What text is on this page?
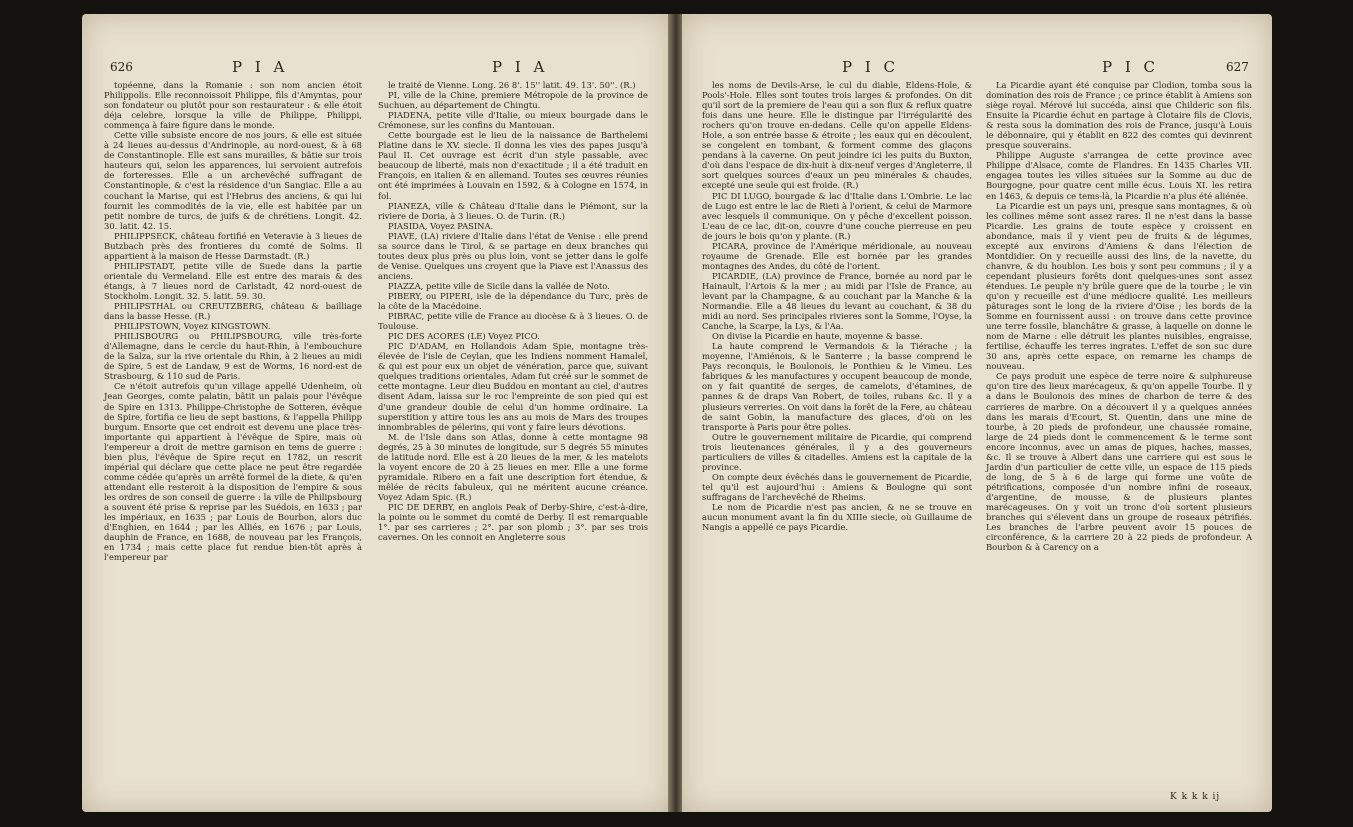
626	P I A	P I A

topéenne, dans la Romanie : son nom ancien étoit Philippolis. Elle reconnoissoit Philippe, fils d'Amyntas, pour son fondateur ou plutôt pour son restaurateur : & elle étoit déja celebre, lorsque la ville de Philippe, Philippi, commença à faire figure dans le monde.

Cette ville subsiste encore de nos jours, & elle est située à 24 lieues au-dessus d'Andrinople, au nord-ouest, & à 68 de Constantinople. Elle est sans murailles, & bâtie sur trois hauteurs qui, selon les apparences, lui servoient autrefois de forteresses. Elle a un archevêché suffragant de Constantinople, & c'est la résidence d'un Sangiac. Elle a au couchant la Marise, qui est l'Hebrus des anciens, & qui lui fournit les commodités de la vie, elle est habitée par un petit nombre de turcs, de juifs & de chrétiens. Longit. 42. 30. latit. 42. 15.

PHILIPPSECK, château fortifié en Veteravie à 3 lieues de Butzbach près des frontieres du comté de Solms. Il appartient à la maison de Hesse Darmstadt. (R.)

PHILIPSTADT, petite ville de Suede dans la partie orientale du Vermeland. Elle est entre des marais & des étangs, à 7 lieues nord de Carlstadt, 42 nord-ouest de Stockholm. Longit. 32. 5. latit. 59. 30.

PHILIPSTHAL ou CREUTZBERG, château & bailliage dans la basse Hesse. (R.)

PHILIPSTOWN, Voyez KINGSTOWN.

PHILISBOURG ou PHILIPSBOURG, ville très-forte d'Allemagne, dans le cercle du haut-Rhin, à l'embouchure de la Salza, sur la rive orientale du Rhin, à 2 lieues au midi de Spire, 5 est de Landaw, 9 est de Worms, 16 nord-est de Strasbourg, & 110 sud de Paris.

Ce n'étoit autrefois qu'un village appellé Udenheim, où Jean Georges, comte palatin, bâtit un palais pour l'évêque de Spire en 1313. Philippe-Christophe de Sotteren, évêque de Spire, fortifia ce lieu de sept bastions, & l'appella Philipp burgum. Ensorte que cet endroit est devenu une place très-importante qui appartient à l'évêque de Spire, mais où l'empereur a droit de mettre garnison en tems de guerre : bien plus, l'évêque de Spire reçut en 1782, un rescrit impérial qui déclare que cette place ne peut être regardée comme cédée qu'après un arrêté formel de la diete, & qu'en attendant elle resteroit à la disposition de l'empire & sous les ordres de son conseil de guerre : la ville de Philipsbourg a souvent été prise & reprise par les Suédois, en 1633 ; par les impériaux, en 1635 ; par Louis de Bourbon, alors duc d'Enghien, en 1644 ; par les Alliés, en 1676 ; par Louis, dauphin de France, en 1688, de nouveau par les François, en 1734 ; mais cette place fut rendue bien-tôt après à l'empereur par

le traité de Vienne. Long. 26 8'. 15'' latit. 49. 13'. 50''. (R.)

PI, ville de la Chine, premiere Métropole de la province de Suchuen, au département de Chingtu.

PIADENA, petite ville d'Italie, ou mieux bourgade dans le Crémonese, sur les confins du Mantouan.

Cette bourgade est le lieu de la naissance de Barthelemi Platine dans le XV. siecle. Il donna les vies des papes jusqu'à Paul II. Cet ouvrage est écrit d'un style passable, avec beaucoup de liberté, mais non d'exactitude ; il a été traduit en François, en italien & en allemand. Toutes ses œuvres réunies ont été imprimées à Louvain en 1592, & à Cologne en 1574, in fol.

PIANEZA, ville & Château d'Italie dans le Piémont, sur la riviere de Doria, à 3 lieues. O. de Turin. (R.)

PIASIDA, Voyez PASINA.

PIAVE, (LA) riviere d'Italie dans l'état de Venise : elle prend sa source dans le Tirol, & se partage en deux branches qui toutes deux plus près ou plus loin, vont se jetter dans le golfe de Venise. Quelques uns croyent que la Piave est l'Anassus des anciens.

PIAZZA, petite ville de Sicile dans la vallée de Noto.

PIBERY, ou PIPERI, isle de la dépendance du Turc, près de la côte de la Macédoine.

PIBRAC, petite ville de France au diocèse & à 3 lieues. O. de Toulouse.

PIC DES ACORES (LE) Voyez PICO.

PIC D'ADAM, en Hollandois Adam Spie, montagne très-élevée de l'isle de Ceylan, que les Indiens nomment Hamalel, & qui est pour eux un objet de vénération, parce que, suivant quelques traditions orientales, Adam fut créé sur le sommet de cette montagne. Leur dieu Buddou en montant au ciel, d'autres disent Adam, laissa sur le roc l'empreinte de son pied qui est d'une grandeur double de celui d'un homme ordinaire. La superstition y attire tous les ans au mois de Mars des troupes innombrables de pélerins, qui vont y faire leurs dévotions.

M. de l'Isle dans son Atlas, donne à cette montagne 98 degrés, 25 à 30 minutes de longitude, sur 5 degrés 55 minutes de latitude nord. Elle est à 20 lieues de la mer, & les matelots la voyent encore de 20 à 25 lieues en mer. Elle a une forme pyramidale. Ribero en a fait une description fort étendue, & mêlée de récits fabuleux, qui ne méritent aucune créance. Voyez Adam Spic. (R.)

PIC DE DERBY, en anglois Peak of Derby-Shire, c'est-à-dire, la pointe ou le sommet du comté de Derby. Il est remarquable 1°. par ses carrieres ; 2°. par son plomb ; 3°. par ses trois cavernes. On les connoit en Angleterre sous

P I C	P I C	627

les noms de Devils-Arse, le cul du diable, Eldens-Hole, & Pools'-Hole. Elles sont toutes trois larges & profondes. On dit qu'il sort de la premiere de l'eau qui a son flux & reflux quatre fois dans une heure. Elle le distingue par l'irrégularité des rochers qu'on trouve en-dedans. Celle qu'on appelle Eldens-Hole, a son entrée basse & étroite ; les eaux qui en découlent, se congelent en tombant, & forment comme des glaçons pendans à la caverne. On peut joindre ici les puits du Buxton, d'où dans l'espace de dix-huit à dix-neuf verges d'Angleterre, il sort quelques sources d'eaux un peu minérales & chaudes, excepté une seule qui est froide. (R.)

PIC DI LUGO, bourgade & lac d'Italie dans L'Ombrie. Le lac de Lugo est entre le lac de Rieti à l'orient, & celui de Marmore avec lesquels il communique. On y pêche d'excellent poisson. L'eau de ce lac, dit-on, couvre d'une couche pierreuse en peu de jours le bois qu'on y plante. (R.)

PICARA, province de l'Amérique méridionale, au nouveau royaume de Grenade. Elle est bornée par les grandes montagnes des Andes, du côté de l'orient.

PICARDIE, (LA) province de France, bornée au nord par le Hainault, l'Artois & la mer ; au midi par l'Isle de France, au levant par la Champagne, & au couchant par la Manche & la Normandie. Elle a 48 lieues du levant au couchant, & 38 du midi au nord. Ses principales rivieres sont la Somme, l'Oyse, la Canche, la Scarpe, la Lys, & l'Aa.

On divise la Picardie en haute, moyenne & basse.

La haute comprend le Vermandois & la Tiérache ; la moyenne, l'Amiénois, & le Santerre ; la basse comprend le Pays reconquis, le Boulonois, le Ponthieu & le Vimeu. Les fabriques & les manufactures y occupent beaucoup de monde, on y fait quantité de serges, de camelots, d'étamines, de pannes & de draps Van Robert, de toiles, rubans &c. Il y a plusieurs verreries. On voit dans la forêt de la Fere, au château de saint Gobin, la manufacture des glaces, d'où on les transporte à Paris pour être polies.

Outre le gouvernement militaire de Picardie, qui comprend trois lieutenances générales, il y a des gouverneurs particuliers de villes & citadelles. Amiens est la capitale de la province.

On compte deux évêchés dans le gouvernement de Picardie, tel qu'il est aujourd'hui : Amiens & Boulogne qui sont suffragans de l'archevêché de Rheims.

Le nom de Picardie n'est pas ancien, & ne se trouve en aucun monument avant la fin du XIIIe siecle, où Guillaume de Nangis a appellé ce pays Picardie.

La Picardie ayant été conquise par Clodion, tomba sous la domination des rois de France ; ce prince établit à Amiens son siège royal. Mérové lui succéda, ainsi que Childeric son fils. Ensuite la Picardie échut en partage à Clotaire fils de Clovis, & resta sous la domination des rois de France, jusqu'à Louis le débonnaire, qui y établit en 822 des comtes qui devinrent presque souverains.

Philippe Auguste s'arrangea de cette province avec Philippe d'Alsace, comte de Flandres. En 1435 Charles VII. engagea toutes les villes situées sur la Somme au duc de Bourgogne, pour quatre cent mille écus. Louis XI. les retira en 1463, & depuis ce tems-là, la Picardie n'a plus été aliénée.

La Picardie est un pays uni, presque sans montagnes, & où les collines même sont assez rares. Il ne n'est dans la basse Picardie. Les grains de toute espèce y croissent en abondance, mais il y vient peu de fruits & de légumes, excepté aux environs d'Amiens & dans l'élection de Montdidier. On y recueille aussi des lins, de la navette, du chanvre, & du houblon. Les bois y sont peu communs ; il y a cependant plusieurs forêts dont quelques-unes sont assez étendues. Le peuple n'y brûle guere que de la tourbe ; le vin qu'on y recueille est d'une médiocre qualité. Les meilleurs pâturages sont le long de la riviere d'Oise ; les bords de la Somme en fournissent aussi : on trouve dans cette province une terre fossile, blanchâtre & grasse, à laquelle on donne le nom de Marne : elle détruit les plantes nuisibles, engraisse, fertilise, échauffe les terres ingrates. L'effet de son suc dure 30 ans, après cette espace, on remarne les champs de nouveau.

Ce pays produit une espèce de terre noire & sulphureuse qu'on tire des lieux marécageux, & qu'on appelle Tourbe. Il y a dans le Boulonois des mines de charbon de terre & des carrieres de marbre. On a découvert il y a quelques années dans les marais d'Ecourt, St. Quentin, dans une mine de tourbe, à 20 pieds de profondeur, une chaussée romaine, large de 24 pieds dont le commencement & le terme sont encore inconnus, avec un amas de piques, haches, masses, &c. Il se trouve à Albert dans une carriere qui est sous le Jardin d'un particulier de cette ville, un espace de 115 pieds de long, de 5 à 6 de large qui forme une voûte de pétrifications, composée d'un nombre infini de roseaux, d'argentine, de mousse, & de plusieurs plantes marécageuses. On y voit un tronc d'où sortent plusieurs branches qui s'élevent dans un groupe de roseaux pétrifiés. Les branches de l'arbre peuvent avoir 15 pouces de circonférence, & la carriere 20 à 22 pieds de profondeur. A Bourbon & à Carency on a

K k k k ij
